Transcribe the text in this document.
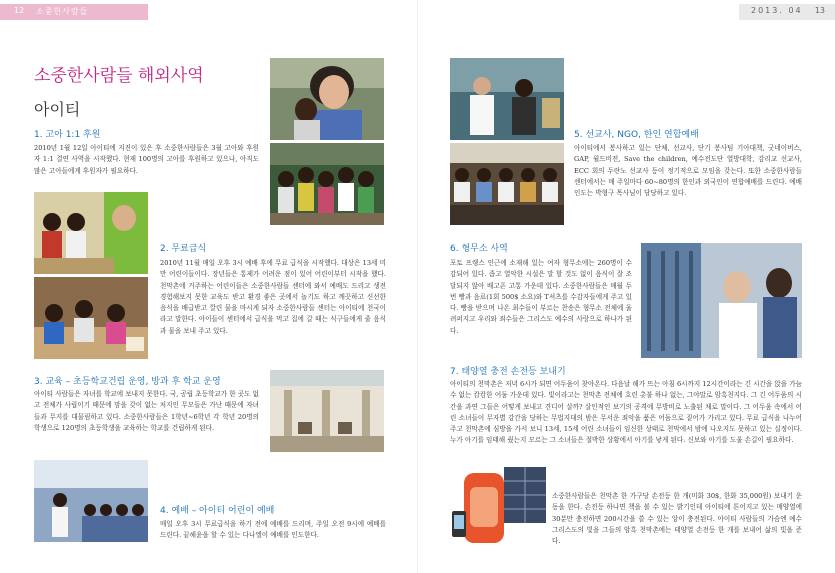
12 소중한사람들	2013. 04 13
소중한사람들 해외사역
아이티
1. 고아 1:1 후원
2010년 1월 12일 아이티에 지진이 있은 후 소중한사람들은 3월 고아와 후원자 1:1 결연 사역을 시작했다. 현재 100명의 고아를 후원하고 있으나, 아직도 많은 고아들에게 후원자가 필요하다.
2. 무료급식
2010년 11월 매일 오후 3시 예배 후에 무료 급식을 시작했다. 대상은 13세 미만 어린이들이다. 장년들은 통제가 어려운 점이 있어 어린이부터 시작을 했다. 천막촌에 거주하는 어린이들은 소중한사람들 센터에 와서 예배도 드리고 생전 경험해보지 못한 교육도 받고 환경 좋은 곳에서 놀기도 하고 깨끗하고 신선한 음식을 배급받고 깔린 물을 마시게 되자 소중한사람들 센터는 아이티에 천국이라고 말한다. 아이들이 센터에서 급식을 먹고 집에 갈 때는 식구들에게 줄 음식과 물을 보내 주고 있다.
3. 교육 – 초등학교건립 운영, 방과 후 학교 운영
아이티 사람들은 자녀를 학교에 보내지 못한다. 국, 공립 초등학교가 한 곳도 없고 전체가 사립이기 때문에 맘을 갖이 없는 처지인 무모들은 가난 때문에 자녀들과 무지를 대물림하고 있다. 소중한사람들은 1학년~6학년 각 학년 20명의 학생으로 120명의 초등학생을 교육하는 학교를 건립하게 된다.
4. 예배 – 아이티 어린이 예배
매일 오후 3시 무료급식을 하기 전에 예배를 드리며, 주일 오전 9시에 예배를 드린다. 끝헤윤을 할 수 있는 다나엘이 예배를 인도한다.
5. 선교사, NGO, 한인 연합예배
아이티에서 봉사하고 있는 단체, 선교사, 단기 봉사팀 기아대책, 굿네이버스, GAP, 월드비전, Save the children, 예수전도단 열방대학, 감리교 선교사, ECC 회의 두란노 선교사 등이 정기적으로 모임을 갖는다. 또한 소중한사람들 센터에서는 매 주일마다 60~80명의 한인과 외국인이 연합예배를 드린다. 예배 인도는 박형구 목사님이 담당하고 있다.
6. 형무소 사역
포토 프랭스 인근에 소재해 있는 여자 형무소에는 260명이 수감되어 있다. 좁고 열악한 시설은 말 할 것도 없이 음식이 잘 조달되지 않아 배고픈 고통 가운데 있다. 소중한사람들은 매월 두 번 빵과 음료(1회 500$ 소요)와 T셔츠를 수감자들에게 주고 있다. 빵을 받으며 나온 최수들이 부르는 찬송은 형무소 전체에 울려퍼지고 우리와 죄수들은 그리스도 예수의 사랑으로 하나가 된다.
7. 태양열 충전 손전등 보내기
아이티의 천막촌은 저녁 6시가 되면 어두움이 찾아온다. 다음날 해가 뜨는 아침 6시까지 12시간이라는 긴 시간을 앉을 가늠 수 없는 캄캄한 어둠 가운데 있다. 빛이라고는 천막촌 전체에 흐린 촛불 하나 없는, 그야말로 암흑천지다. 그 긴 어두움의 시간을 과연 그들은 어떻게 보내고 견디어 살까? 살인적인 보기의 공격에 무방비로 노출된 채로 말이다. 그 어두움 속에서 어린 소녀들이 무자별 강간을 당하는 무법지대의 밤은 무서운 죄악을 품은 어둠으로 짙어가 가리고 있다. 무료 급식을 나누어 주고 천막촌에 심방을 가서 보니 13세, 15세 어린 소녀들이 임신한 상태로 천막에서 밤에 나오지도 못하고 있는 실정이다. 누가 아기를 임태해 줬는지 모르는 그 소녀들은 절박한 상황에서 아기를 낳게 된다. 신보와 아기를 도울 손길이 필요하다.
소중한사람들은 천막촌 한 가구당 손전등 한 개(미화 30$, 한화 35,000원) 보내기 운동을 한다. 손전등 하나면 책을 볼 수 있는 밝기인데 아이티에 튼어지고 있는 매양열에 30분만 충전하면 200시간을 쓸 수 있는 앙이 충전된다. 아이티 사람들의 가슴엔 예수 그리스도의 빛을 그들의 암흑 천막촌에는 태양열 손전등 한 개를 보내어 삶의 빛을 준다.
